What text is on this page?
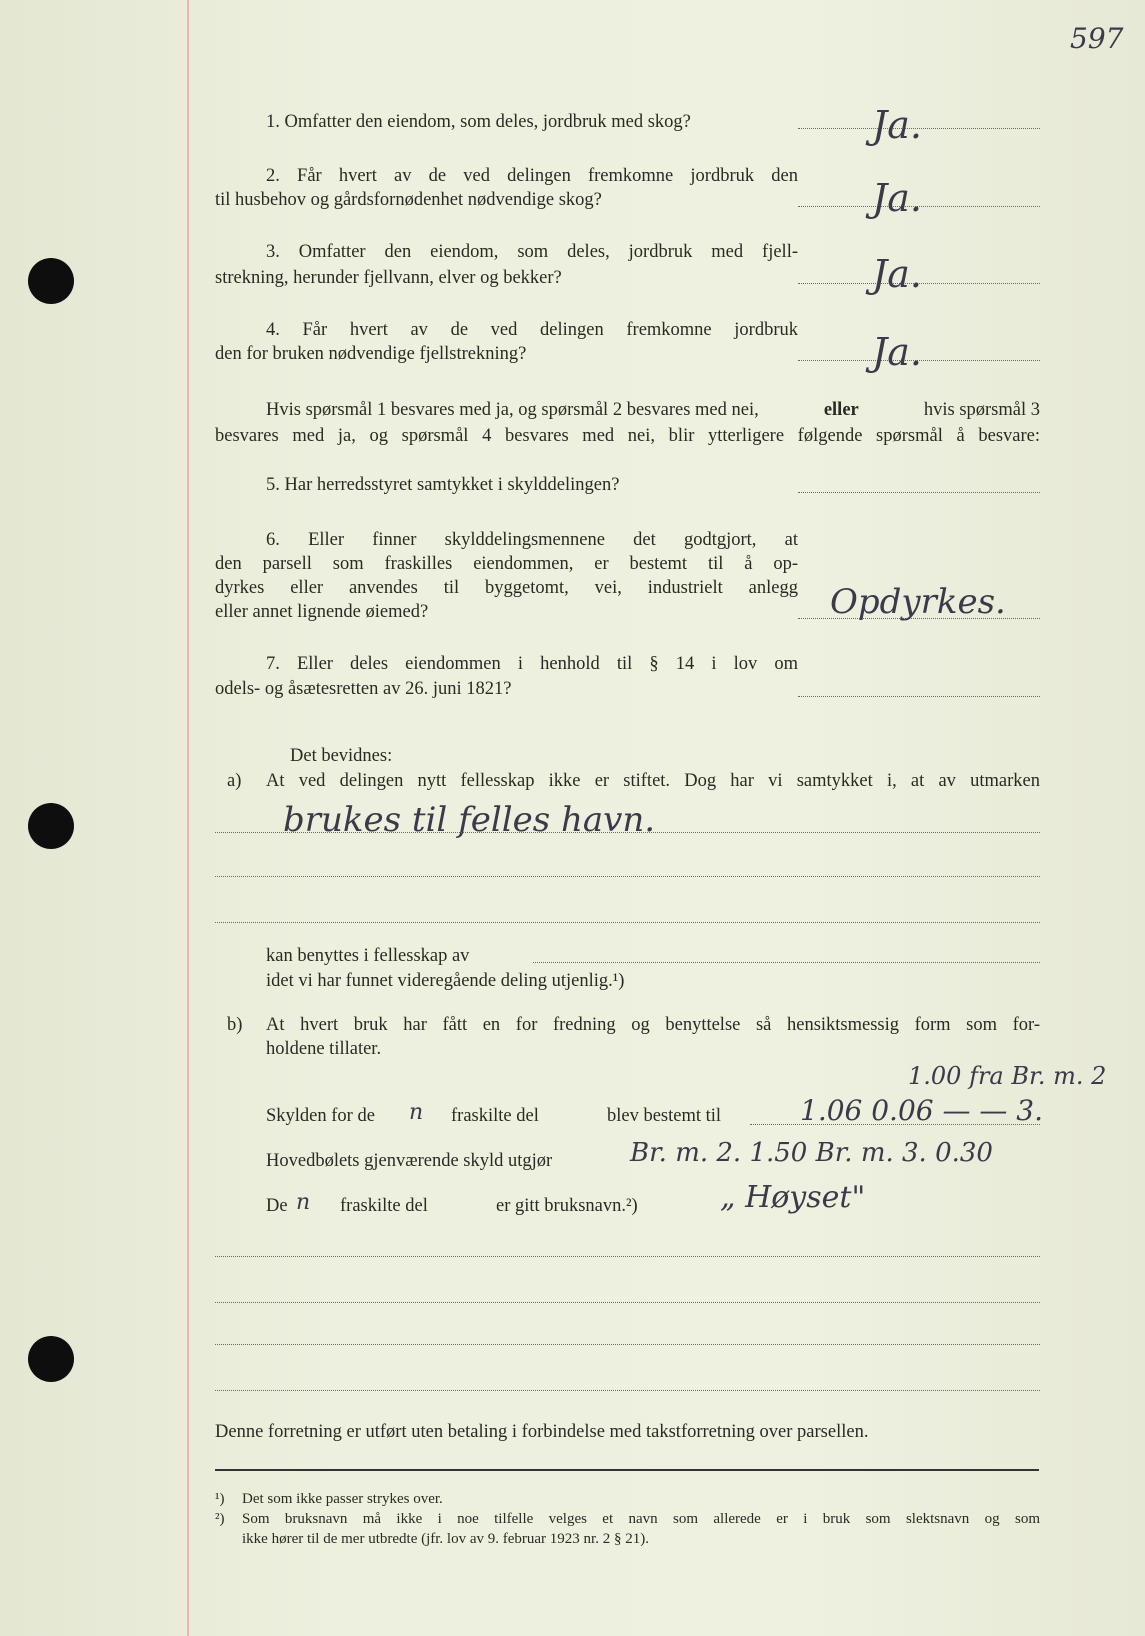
597
1. Omfatter den eiendom, som deles, jordbruk med skog?	Ja.
2. Får hvert av de ved delingen fremkomne jordbruk den
til husbehov og gårdsfornødenhet nødvendige skog?	Ja.
3. Omfatter den eiendom, som deles, jordbruk med fjell-
strekning, herunder fjellvann, elver og bekker?	Ja.
4. Får hvert av de ved delingen fremkomne jordbruk
den for bruken nødvendige fjellstrekning?	Ja.
Hvis spørsmål 1 besvares med ja, og spørsmål 2 besvares med nei,	eller	hvis spørsmål 3
besvares med ja, og spørsmål 4 besvares med nei, blir ytterligere følgende spørsmål å besvare:
5. Har herredsstyret samtykket i skylddelingen?
6. Eller finner skylddelingsmennene det godtgjort, at
den parsell som fraskilles eiendommen, er bestemt til å op-
dyrkes eller anvendes til byggetomt, vei, industrielt anlegg
eller annet lignende øiemed?	Opdyrkes.
7. Eller deles eiendommen i henhold til § 14 i lov om
odels- og åsætesretten av 26. juni 1821?
Det bevidnes:
a) At ved delingen nytt fellesskap ikke er stiftet. Dog har vi samtykket i, at av utmarken
brukes til felles havn.
kan benyttes i fellesskap av
idet vi har funnet videregående deling utjenlig.¹)
b) At hvert bruk har fått en for fredning og benyttelse så hensiktsmessig form som for-
holdene tillater.
1.00 fra Br. m. 2
Skylden for de n fraskilte del	blev bestemt til	1.06 0.06 — — 3.
Hovedbølets gjenværende skyld utgjør	Br. m. 2. 1.50 Br. m. 3. 0.30
De n fraskilte del	er gitt bruksnavn.²)	„ Høyset"
Denne forretning er utført uten betaling i forbindelse med takstforretning over parsellen.
¹) Det som ikke passer strykes over.
²) Som bruksnavn må ikke i noe tilfelle velges et navn som allerede er i bruk som slektsnavn og som
ikke hører til de mer utbredte (jfr. lov av 9. februar 1923 nr. 2 § 21).
